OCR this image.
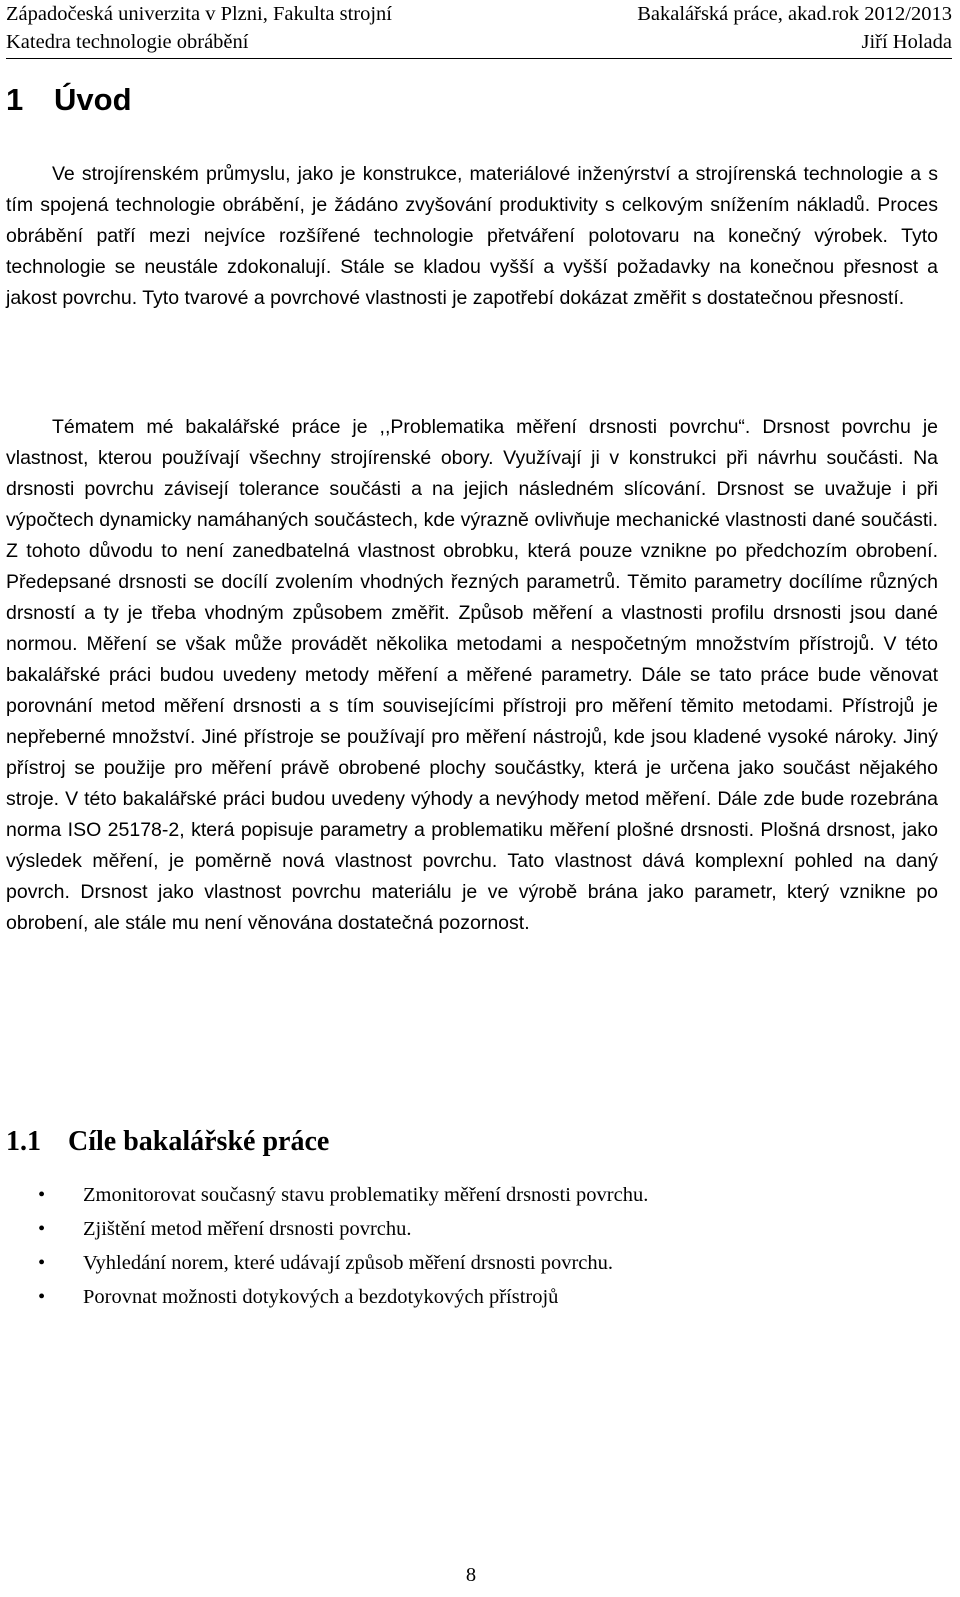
Západočeská univerzita v Plzni, Fakulta strojní	Bakalářská práce, akad.rok 2012/2013
Katedra technologie obrábění	Jiří Holada
1 Úvod

Ve strojírenském průmyslu, jako je konstrukce, materiálové inženýrství a strojírenská technologie a s tím spojená technologie obrábění, je žádáno zvyšování produktivity s celkovým snížením nákladů. Proces obrábění patří mezi nejvíce rozšířené technologie přetváření polotovaru na konečný výrobek. Tyto technologie se neustále zdokonalují. Stále se kladou vyšší a vyšší požadavky na konečnou přesnost a jakost povrchu. Tyto tvarové a povrchové vlastnosti je zapotřebí dokázat změřit s dostatečnou přesností.

Tématem mé bakalářské práce je ,,Problematika měření drsnosti povrchu“. Drsnost povrchu je vlastnost, kterou používají všechny strojírenské obory. Využívají ji v konstrukci při návrhu součásti. Na drsnosti povrchu závisejí tolerance součásti a na jejich následném slícování. Drsnost se uvažuje i při výpočtech dynamicky namáhaných součástech, kde výrazně ovlivňuje mechanické vlastnosti dané součásti. Z tohoto důvodu to není zanedbatelná vlastnost obrobku, která pouze vznikne po předchozím obrobení. Předepsané drsnosti se docílí zvolením vhodných řezných parametrů. Těmito parametry docílíme různých drsností a ty je třeba vhodným způsobem změřit. Způsob měření a vlastnosti profilu drsnosti jsou dané normou. Měření se však může provádět několika metodami a nespočetným množstvím přístrojů. V této bakalářské práci budou uvedeny metody měření a měřené parametry. Dále se tato práce bude věnovat porovnání metod měření drsnosti a s tím souvisejícími přístroji pro měření těmito metodami. Přístrojů je nepřeberné množství. Jiné přístroje se používají pro měření nástrojů, kde jsou kladené vysoké nároky. Jiný přístroj se použije pro měření právě obrobené plochy součástky, která je určena jako součást nějakého stroje. V této bakalářské práci budou uvedeny výhody a nevýhody metod měření. Dále zde bude rozebrána norma ISO 25178-2, která popisuje parametry a problematiku měření plošné drsnosti. Plošná drsnost, jako výsledek měření, je poměrně nová vlastnost povrchu. Tato vlastnost dává komplexní pohled na daný povrch. Drsnost jako vlastnost povrchu materiálu je ve výrobě brána jako parametr, který vznikne po obrobení, ale stále mu není věnována dostatečná pozornost.

1.1 Cíle bakalářské práce
• Zmonitorovat současný stavu problematiky měření drsnosti povrchu.
• Zjištění metod měření drsnosti povrchu.
• Vyhledání norem, které udávají způsob měření drsnosti povrchu.
• Porovnat možnosti dotykových a bezdotykových přístrojů
8
